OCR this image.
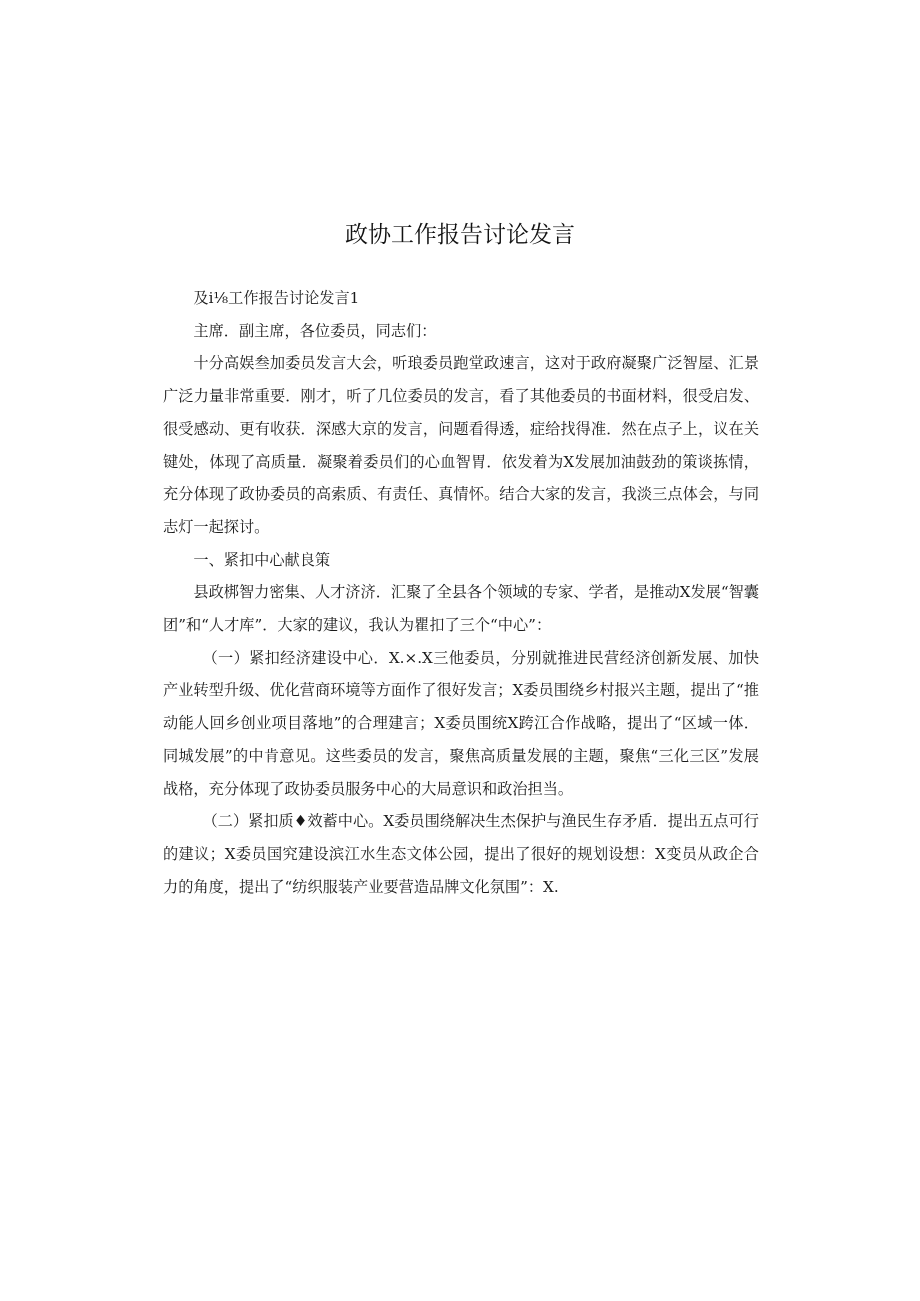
政协工作报告讨论发言

及i⅛工作报告讨论发言1

主席．副主席，各位委员，同志们：

十分高娱叁加委员发言大会，听琅委员跑堂政速言，这对于政府凝聚广泛智屋、汇景广泛力量非常重要．刚才，听了几位委员的发言，看了其他委员的书面材料，很受启发、很受感动、更有收获．深感大京的发言，问题看得透，症给找得准．然在点子上，议在关键处，体现了高质量．凝聚着委员们的心血智胃．依发着为X发展加油鼓劲的策谈拣情，充分体现了政协委员的高索质、有责任、真情怀。结合大家的发言，我淡三点体会，与同志灯一起探讨。

一、紧扣中心献良策

县政梆智力密集、人才济济．汇聚了全县各个领域的专家、学者，是推动X发展“智囊团”和“人才库”．大家的建议，我认为瞿扣了三个“中心”：

（一）紧扣经济建设中心．X.×.X三他委员，分别就推进民营经济创新发展、加快产业转型升级、优化营商环境等方面作了很好发言；X委员围绕乡村报兴主题，提出了“推动能人回乡创业项目落地”的合理建言；X委员围统X跨江合作战略，提出了“区域一体．同城发展”的中肯意见。这些委员的发言，聚焦高质量发展的主题，聚焦“三化三区”发展战格，充分体现了政协委员服务中心的大局意识和政治担当。

（二）紧扣质♦效蓄中心。X委员围绕解决生杰保护与渔民生存矛盾．提出五点可行的建议；X委员国究建设滨江水生态文体公园，提出了很好的规划设想：X变员从政企合力的角度，提出了“纺织服装产业要营造品牌文化氛围”：X.
